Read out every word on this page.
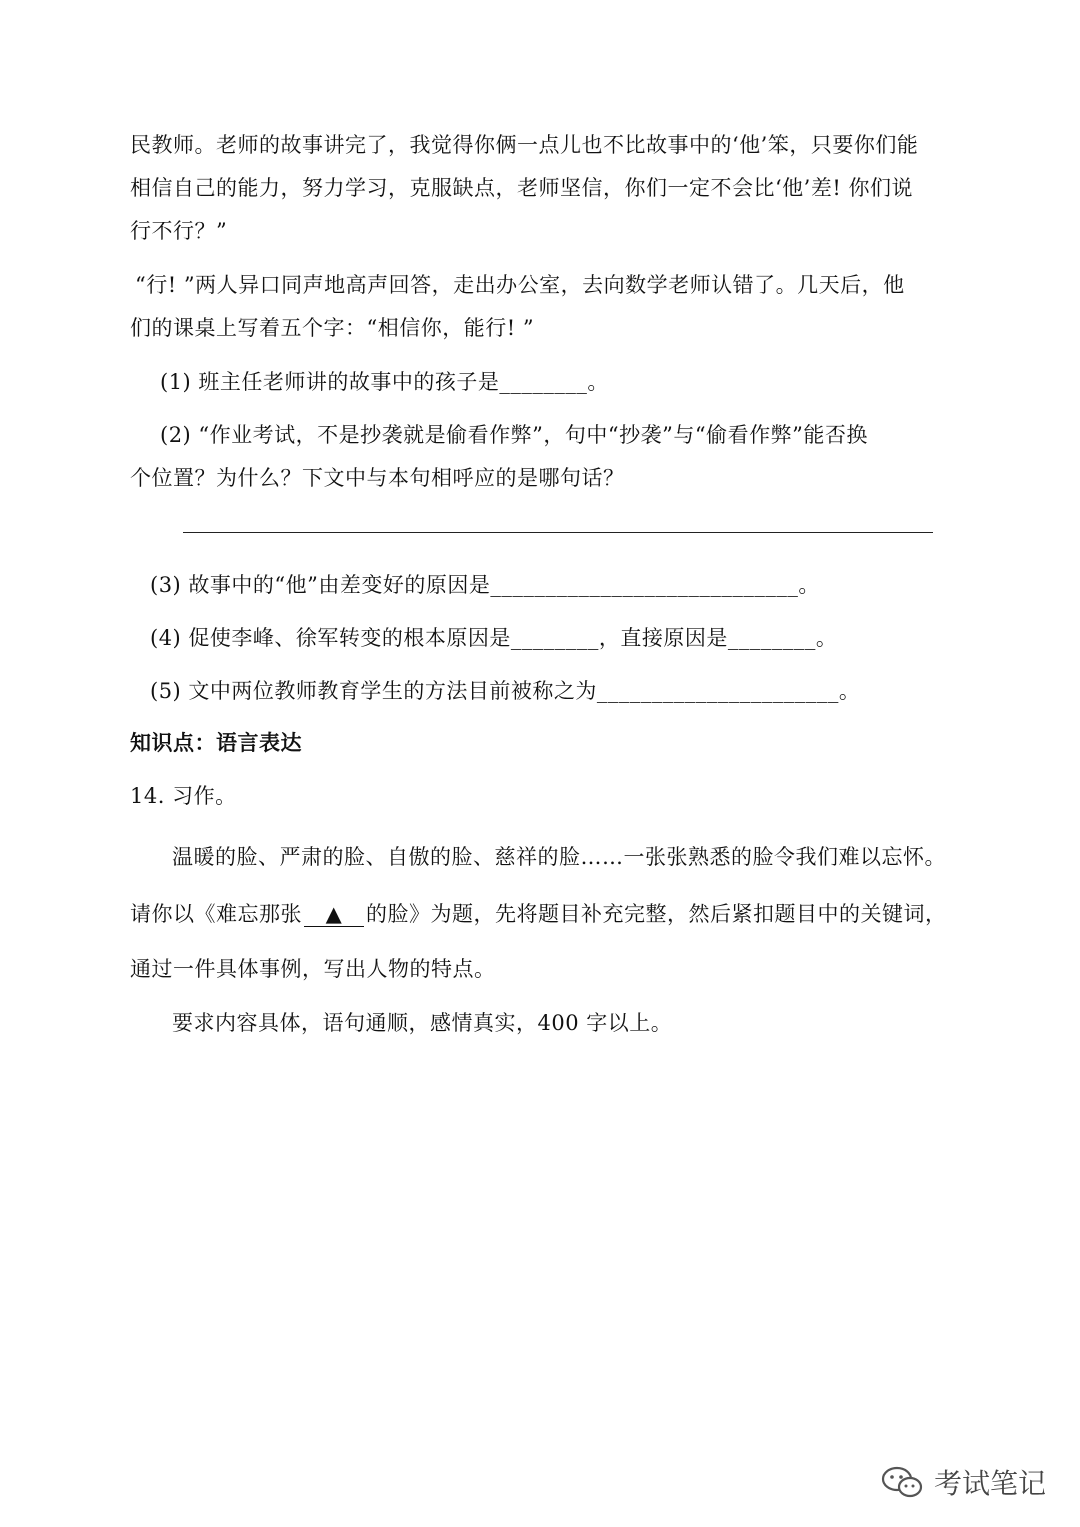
民教师。老师的故事讲完了，我觉得你俩一点儿也不比故事中的‘他’笨，只要你们能
相信自己的能力，努力学习，克服缺点，老师坚信，你们一定不会比‘他’差! 你们说
行不行？”
“行! ”两人异口同声地高声回答，走出办公室，去向数学老师认错了。几天后，他
们的课桌上写着五个字：“相信你，能行! ”
(1) 班主任老师讲的故事中的孩子是________。
(2) “作业考试，不是抄袭就是偷看作弊”，句中“抄袭”与“偷看作弊”能否换
个位置？为什么？下文中与本句相呼应的是哪句话？
(3) 故事中的“他”由差变好的原因是____________________________。
(4) 促使李峰、徐军转变的根本原因是________，直接原因是________。
(5) 文中两位教师教育学生的方法目前被称之为______________________。
知识点：语言表达
14. 习作。
温暖的脸、严肃的脸、自傲的脸、慈祥的脸……一张张熟悉的脸令我们难以忘怀。
请你以《难忘那张 ▲ 的脸》为题，先将题目补充完整，然后紧扣题目中的关键词，
通过一件具体事例，写出人物的特点。
要求内容具体，语句通顺，感情真实，400 字以上。
考试笔记
